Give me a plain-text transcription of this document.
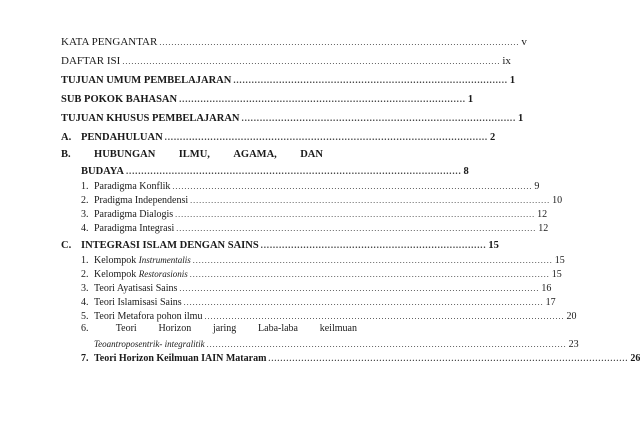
KATA PENGANTAR ........................................................................................................................ v
DAFTAR ISI .............................................................................................................................. ix
TUJUAN UMUM PEMBELAJARAN .......................................................................................... 1
SUB POKOK BAHASAN .............................................................................................. 1
TUJUAN KHUSUS PEMBELAJARAN .......................................................................................... 1
A. PENDAHULUAN .......................................................................................................... 2
B. HUBUNGAN ILMU, AGAMA, DAN
BUDAYA .............................................................................................................. 8
1. Paradigma Konflik ........................................................................................................................ 9
2. Pradigma Independensi ........................................................................................................................ 10
3. Paradigma Dialogis ........................................................................................................................ 12
4. Paradigma Integrasi ........................................................................................................................ 12
C. INTEGRASI ISLAM DENGAN SAINS .......................................................................... 15
1. Kelompok Instrumentalis ........................................................................................................................ 15
2. Kelompok Restorasionis ........................................................................................................................ 15
3. Teori Ayatisasi Sains ........................................................................................................................ 16
4. Teori Islamisasi Sains ........................................................................................................................ 17
5. Teori Metafora pohon ilmu ........................................................................................................................ 20
6.	Teori Horizon jaring Laba-laba keilmuan
Teoantroposentrik- integralitik ........................................................................................................................ 23
7. Teori Horizon Keilmuan IAIN Mataram ........................................................................................................................ 26
